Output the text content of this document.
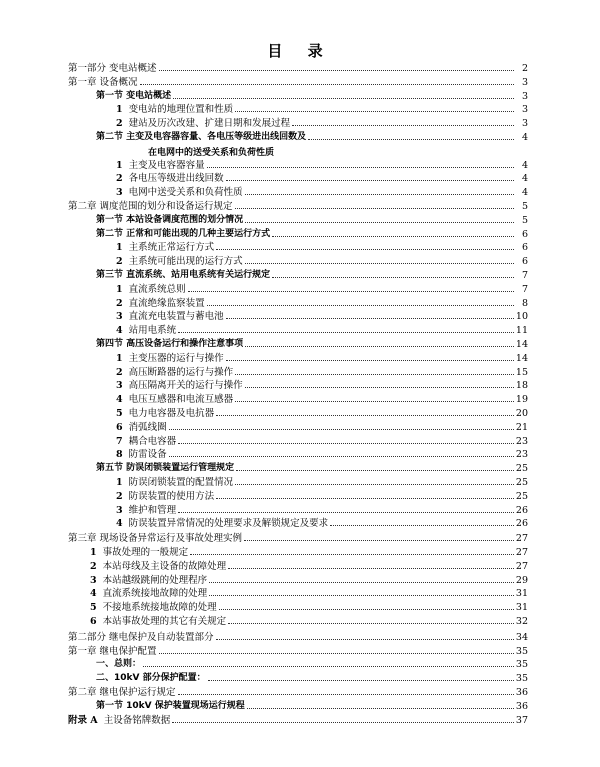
目 录
第一部分 变电站概述	2
第一章 设备概况	3
第一节 变电站概述	3
1 变电站的地理位置和性质	3
2 建站及历次改建、扩建日期和发展过程	3
第二节 主变及电容器容量、各电压等级进出线回数及	4
在电网中的送受关系和负荷性质
1 主变及电容器容量	4
2 各电压等级进出线回数	4
3 电网中送受关系和负荷性质	4
第二章 调度范围的划分和设备运行规定	5
第一节 本站设备调度范围的划分情况	5
第二节 正常和可能出现的几种主要运行方式	6
1 主系统正常运行方式	6
2 主系统可能出现的运行方式	6
第三节 直流系统、站用电系统有关运行规定	7
1 直流系统总则	7
2 直流绝缘监察装置	8
3 直流充电装置与蓄电池	10
4 站用电系统	11
第四节 高压设备运行和操作注意事项	14
1 主变压器的运行与操作	14
2 高压断路器的运行与操作	15
3 高压隔离开关的运行与操作	18
4 电压互感器和电流互感器	19
5 电力电容器及电抗器	20
6 消弧线圈	21
7 耦合电容器	23
8 防雷设备	23
第五节 防误闭锁装置运行管理规定	25
1 防误闭锁装置的配置情况	25
2 防误装置的使用方法	25
3 维护和管理	26
4 防误装置异常情况的处理要求及解锁规定及要求	26
第三章 现场设备异常运行及事故处理实例	27
1 事故处理的一般规定	27
2 本站母线及主设备的故障处理	27
3 本站越级跳闸的处理程序	29
4 直流系统接地故障的处理	31
5 不接地系统接地故障的处理	31
6 本站事故处理的其它有关规定	32
第二部分 继电保护及自动装置部分	34
第一章 继电保护配置	35
一、总则：	35
二、10kV 部分保护配置：	35
第二章 继电保护运行规定	36
第一节 10kV 保护装置现场运行规程	36
附录 A 主设备铭牌数据	37
